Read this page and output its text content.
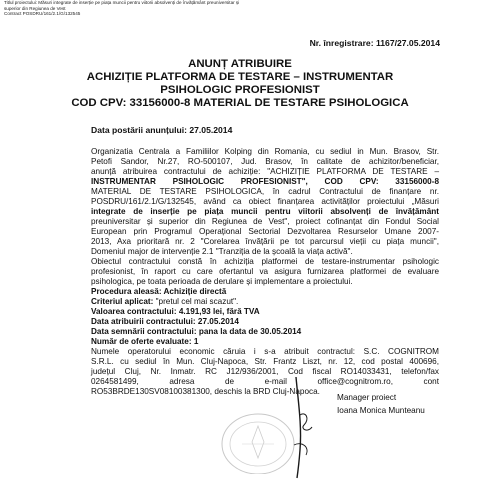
Titlul proiectului: Măsuri integrate de inserție pe piața muncii pentru viitorii absolvenți de învățământ preuniversitar și
superior din Regiunea de Vest
Contract POSDRU/161/2.1/G/132545
Nr. înregistrare: 1167/27.05.2014
ANUNȚ ATRIBUIRE
ACHIZIȚIE PLATFORMA DE TESTARE – INSTRUMENTAR
PSIHOLOGIC PROFESIONIST
COD CPV: 33156000-8 MATERIAL DE TESTARE PSIHOLOGICA
Data postării anunțului: 27.05.2014
Organizatia Centrala a Familiilor Kolping din Romania, cu sediul in Mun. Brasov, Str.
Petofi Sandor, Nr.27, RO-500107, Jud. Brasov, în calitate de achizitor/beneficiar,
anunță atribuirea contractului de achiziție: "ACHIZIȚIE PLATFORMA DE TESTARE –
INSTRUMENTAR PSIHOLOGIC PROFESIONIST", COD CPV: 33156000-8
MATERIAL DE TESTARE PSIHOLOGICA, în cadrul Contractului de finanțare nr.
POSDRU/161/2.1/G/132545, având ca obiect finanțarea activităților proiectului „Măsuri
integrate de inserție pe piața muncii pentru viitorii absolvenți de învățământ
preuniversitar și superior din Regiunea de Vest", proiect cofinanțat din Fondul Social
European prin Programul Operațional Sectorial Dezvoltarea Resurselor Umane 2007-
2013, Axa prioritară nr. 2 "Corelarea învățării pe tot parcursul vieții cu piața muncii",
Domeniul major de intervenție 2.1 "Tranziția de la școală la viața activă".
Obiectul contractului constă în achiziția platformei de testare-instrumentar psihologic
profesionist, în raport cu care ofertantul va asigura furnizarea platformei de evaluare
psihologica, pe toata perioada de derulare și implementare a proiectului.
Procedura aleasă: Achiziție directă
Criteriul aplicat: "pretul cel mai scazut".
Valoarea contractului: 4.191,93 lei, fără TVA
Data atribuirii contractului: 27.05.2014
Data semnării contractului: pana la data de 30.05.2014
Număr de oferte evaluate: 1
Numele operatorului economic căruia i s-a atribuit contractul: S.C. COGNITROM
S.R.L. cu sediul în Mun. Cluj-Napoca, Str. Frantz Liszt, nr. 12, cod postal 400696,
județul Cluj, Nr. Inmatr. RC J12/936/2001, Cod fiscal RO14033431, telefon/fax
0264581499, adresa de e-mail office@cognitrom.ro, cont
RO53BRDE130SV08100381300, deschis la BRD Cluj-Napoca.
Manager proiect
Ioana Monica Munteanu
